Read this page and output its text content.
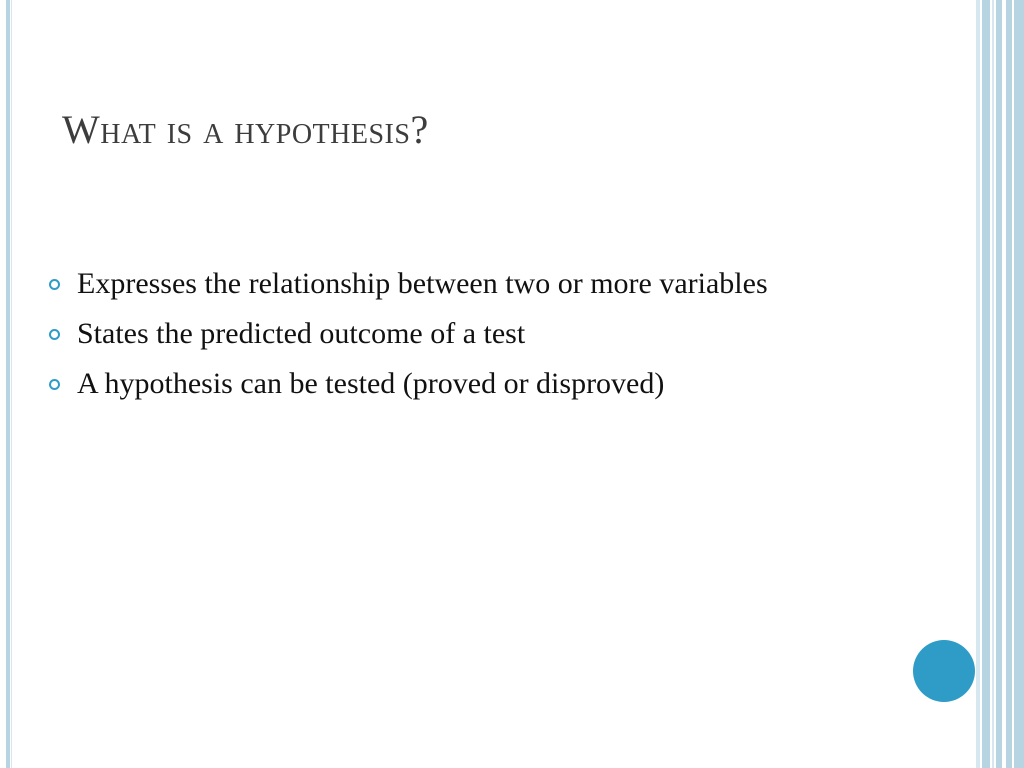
What is a hypothesis?
Expresses the relationship between two or more variables
States the predicted outcome of a test
A hypothesis can be tested (proved or disproved)
